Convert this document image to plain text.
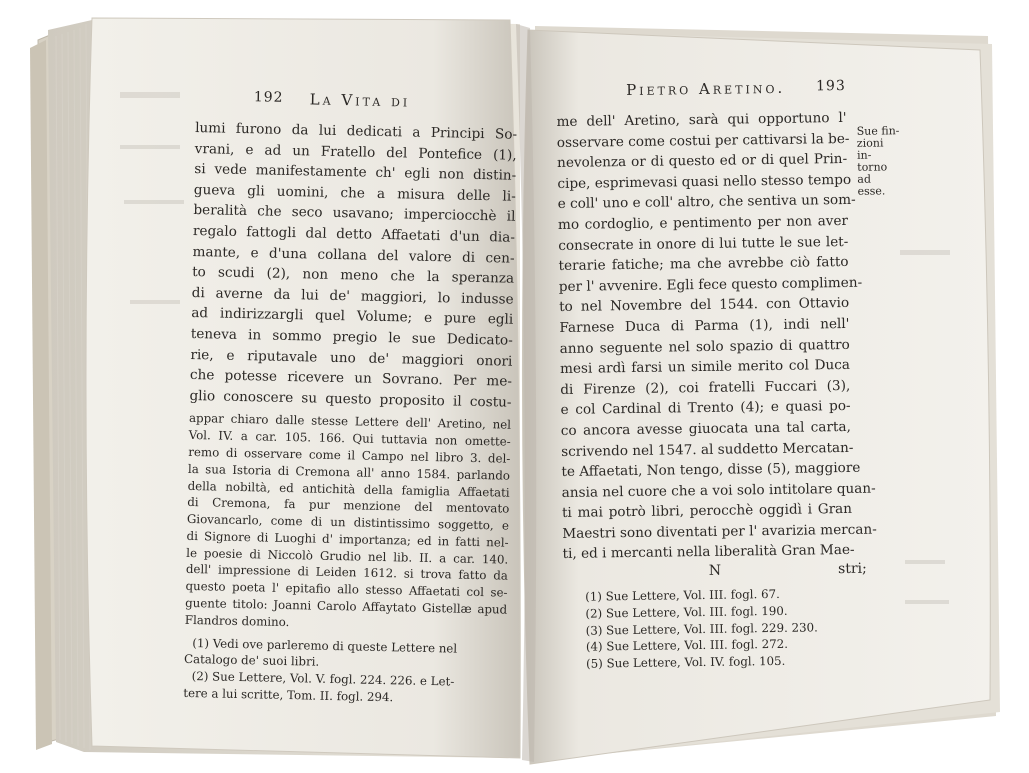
192 La Vita di
lumi furono da lui dedicati a Principi So-
vrani, e ad un Fratello del Pontefice (1),
si vede manifestamente ch' egli non distin-
gueva gli uomini, che a misura delle li-
beralità che seco usavano; imperciocchè il
regalo fattogli dal detto Affaetati d'un dia-
mante, e d'una collana del valore di cen-
to scudi (2), non meno che la speranza
di averne da lui de' maggiori, lo indusse
ad indirizzargli quel Volume; e pure egli
teneva in sommo pregio le sue Dedicato-
rie, e riputavale uno de' maggiori onori
che potesse ricevere un Sovrano. Per me-
glio conoscere su questo proposito il costu-
appar chiaro dalle stesse Lettere dell' Aretino, nel
Vol. IV. a car. 105. 166. Qui tuttavia non omette-
remo di osservare come il Campo nel libro 3. del-
la sua Istoria di Cremona all' anno 1584. parlando
della nobiltà, ed antichità della famiglia Affaetati
di Cremona, fa pur menzione del mentovato
Giovancarlo, come di un distintissimo soggetto, e
di Signore di Luoghi d' importanza; ed in fatti nel-
le poesie di Niccolò Grudio nel lib. II. a car. 140.
dell' impressione di Leiden 1612. si trova fatto da
questo poeta l' epitafio allo stesso Affaetati col se-
guente titolo: Joanni Carolo Affaytato Gistellæ apud
Flandros domino.
(1) Vedi ove parleremo di queste Lettere nel
Catalogo de' suoi libri.
(2) Sue Lettere, Vol. V. fogl. 224. 226. e Let-
tere a lui scritte, Tom. II. fogl. 294.
Pietro Aretino. 193
Sue fin-
zioni in-
torno ad
esse.
me dell' Aretino, sarà qui opportuno l'
osservare come costui per cattivarsi la be-
nevolenza or di questo ed or di quel Prin-
cipe, esprimevasi quasi nello stesso tempo
e coll' uno e coll' altro, che sentiva un som-
mo cordoglio, e pentimento per non aver
consecrate in onore di lui tutte le sue let-
terarie fatiche; ma che avrebbe ciò fatto
per l' avvenire. Egli fece questo complimen-
to nel Novembre del 1544. con Ottavio
Farnese Duca di Parma (1), indi nell'
anno seguente nel solo spazio di quattro
mesi ardì farsi un simile merito col Duca
di Firenze (2), coi fratelli Fuccari (3),
e col Cardinal di Trento (4); e quasi po-
co ancora avesse giuocata una tal carta,
scrivendo nel 1547. al suddetto Mercatan-
te Affaetati, Non tengo, disse (5), maggiore
ansia nel cuore che a voi solo intitolare quan-
ti mai potrò libri, perocchè oggidì i Gran
Maestri sono diventati per l' avarizia mercan-
ti, ed i mercanti nella liberalità Gran Mae-
N	stri;
(1) Sue Lettere, Vol. III. fogl. 67.
(2) Sue Lettere, Vol. III. fogl. 190.
(3) Sue Lettere, Vol. III. fogl. 229. 230.
(4) Sue Lettere, Vol. III. fogl. 272.
(5) Sue Lettere, Vol. IV. fogl. 105.
